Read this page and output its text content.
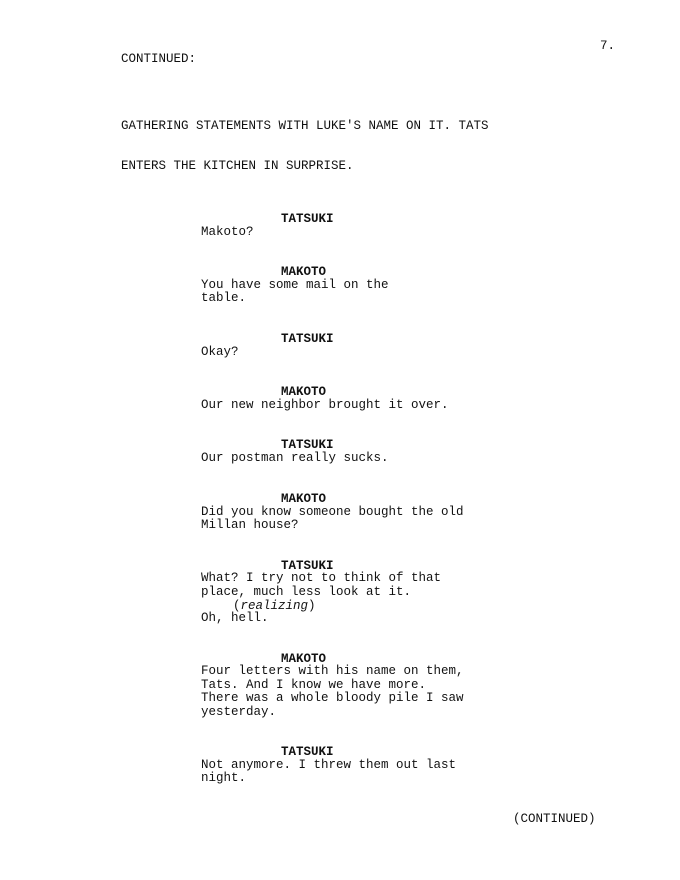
7.
CONTINUED:
GATHERING STATEMENTS WITH LUKE'S NAME ON IT. TATS
ENTERS THE KITCHEN IN SURPRISE.
TATSUKI
Makoto?
MAKOTO
You have some mail on the
table.
TATSUKI
Okay?
MAKOTO
Our new neighbor brought it over.
TATSUKI
Our postman really sucks.
MAKOTO
Did you know someone bought the old
Millan house?
TATSUKI
What? I try not to think of that
place, much less look at it.
(realizing)
Oh, hell.
MAKOTO
Four letters with his name on them,
Tats. And I know we have more.
There was a whole bloody pile I saw
yesterday.
TATSUKI
Not anymore. I threw them out last
night.
(CONTINUED)
